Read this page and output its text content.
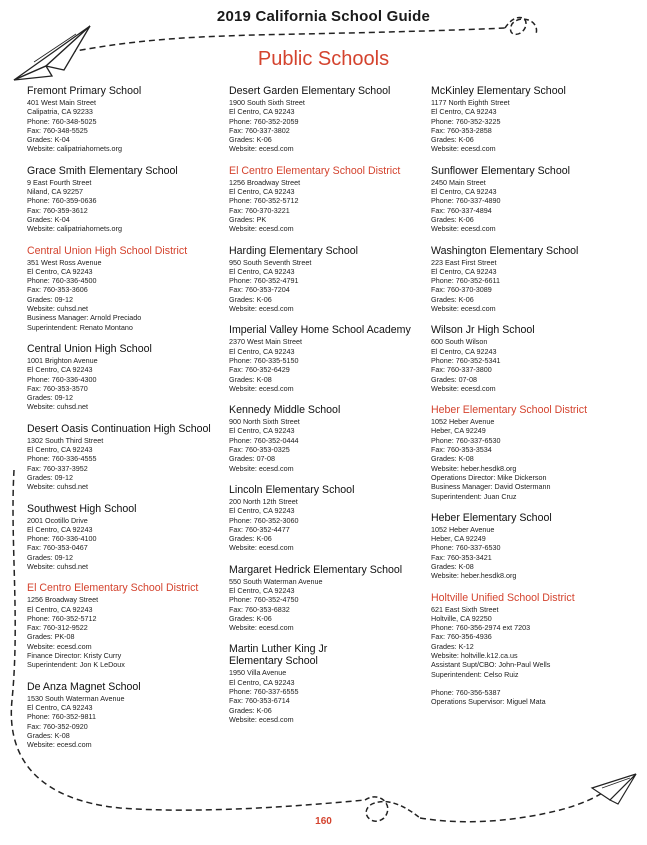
2019 California School Guide
Public Schools
Fremont Primary School
401 West Main Street
Calipatria, CA 92233
Phone: 760-348-5025
Fax: 760-348-5525
Grades: K-04
Website: calipatriahornets.org
Grace Smith Elementary School
9 East Fourth Street
Niland, CA 92257
Phone: 760-359-0636
Fax: 760-359-3612
Grades: K-04
Website: calipatriahornets.org
Central Union High School District
351 West Ross Avenue
El Centro, CA 92243
Phone: 760-336-4500
Fax: 760-353-3606
Grades: 09-12
Website: cuhsd.net
Business Manager: Arnold Preciado
Superintendent: Renato Montano
Central Union High School
1001 Brighton Avenue
El Centro, CA 92243
Phone: 760-336-4300
Fax: 760-353-3570
Grades: 09-12
Website: cuhsd.net
Desert Oasis Continuation High School
1302 South Third Street
El Centro, CA 92243
Phone: 760-336-4555
Fax: 760-337-3952
Grades: 09-12
Website: cuhsd.net
Southwest High School
2001 Ocotillo Drive
El Centro, CA 92243
Phone: 760-336-4100
Fax: 760-353-0467
Grades: 09-12
Website: cuhsd.net
El Centro Elementary School District
1256 Broadway Street
El Centro, CA 92243
Phone: 760-352-5712
Fax: 760-312-9522
Grades: PK-08
Website: ecesd.com
Finance Director: Kristy Curry
Superintendent: Jon K LeDoux
De Anza Magnet School
1530 South Waterman Avenue
El Centro, CA 92243
Phone: 760-352-9811
Fax: 760-352-0920
Grades: K-08
Website: ecesd.com
Desert Garden Elementary School
1900 South Sixth Street
El Centro, CA 92243
Phone: 760-352-2059
Fax: 760-337-3802
Grades: K-06
Website: ecesd.com
El Centro Elementary School District
1256 Broadway Street
El Centro, CA 92243
Phone: 760-352-5712
Fax: 760-370-3221
Grades: PK
Website: ecesd.com
Harding Elementary School
950 South Seventh Street
El Centro, CA 92243
Phone: 760-352-4791
Fax: 760-353-7204
Grades: K-06
Website: ecesd.com
Imperial Valley Home School Academy
2370 West Main Street
El Centro, CA 92243
Phone: 760-335-5150
Fax: 760-352-6429
Grades: K-08
Website: ecesd.com
Kennedy Middle School
900 North Sixth Street
El Centro, CA 92243
Phone: 760-352-0444
Fax: 760-353-0325
Grades: 07-08
Website: ecesd.com
Lincoln Elementary School
200 North 12th Street
El Centro, CA 92243
Phone: 760-352-3060
Fax: 760-352-4477
Grades: K-06
Website: ecesd.com
Margaret Hedrick Elementary School
550 South Waterman Avenue
El Centro, CA 92243
Phone: 760-352-4750
Fax: 760-353-6832
Grades: K-06
Website: ecesd.com
Martin Luther King Jr
Elementary School
1950 Villa Avenue
El Centro, CA 92243
Phone: 760-337-6555
Fax: 760-353-6714
Grades: K-06
Website: ecesd.com
McKinley Elementary School
1177 North Eighth Street
El Centro, CA 92243
Phone: 760-352-3225
Fax: 760-353-2858
Grades: K-06
Website: ecesd.com
Sunflower Elementary School
2450 Main Street
El Centro, CA 92243
Phone: 760-337-4890
Fax: 760-337-4894
Grades: K-06
Website: ecesd.com
Washington Elementary School
223 East First Street
El Centro, CA 92243
Phone: 760-352-6611
Fax: 760-370-3089
Grades: K-06
Website: ecesd.com
Wilson Jr High School
600 South Wilson
El Centro, CA 92243
Phone: 760-352-5341
Fax: 760-337-3800
Grades: 07-08
Website: ecesd.com
Heber Elementary School District
1052 Heber Avenue
Heber, CA 92249
Phone: 760-337-6530
Fax: 760-353-3534
Grades: K-08
Website: heber.hesdk8.org
Operations Director: Mike Dickerson
Business Manager: David Ostermann
Superintendent: Juan Cruz
Heber Elementary School
1052 Heber Avenue
Heber, CA 92249
Phone: 760-337-6530
Fax: 760-353-3421
Grades: K-08
Website: heber.hesdk8.org
Holtville Unified School District
621 East Sixth Street
Holtville, CA 92250
Phone: 760-356-2974 ext 7203
Fax: 760-356-4936
Grades: K-12
Website: holtville.k12.ca.us
Assistant Supt/CBO: John-Paul Wells
Superintendent: Celso Ruiz
Phone: 760-356-5387
Operations Supervisor: Miguel Mata
160
